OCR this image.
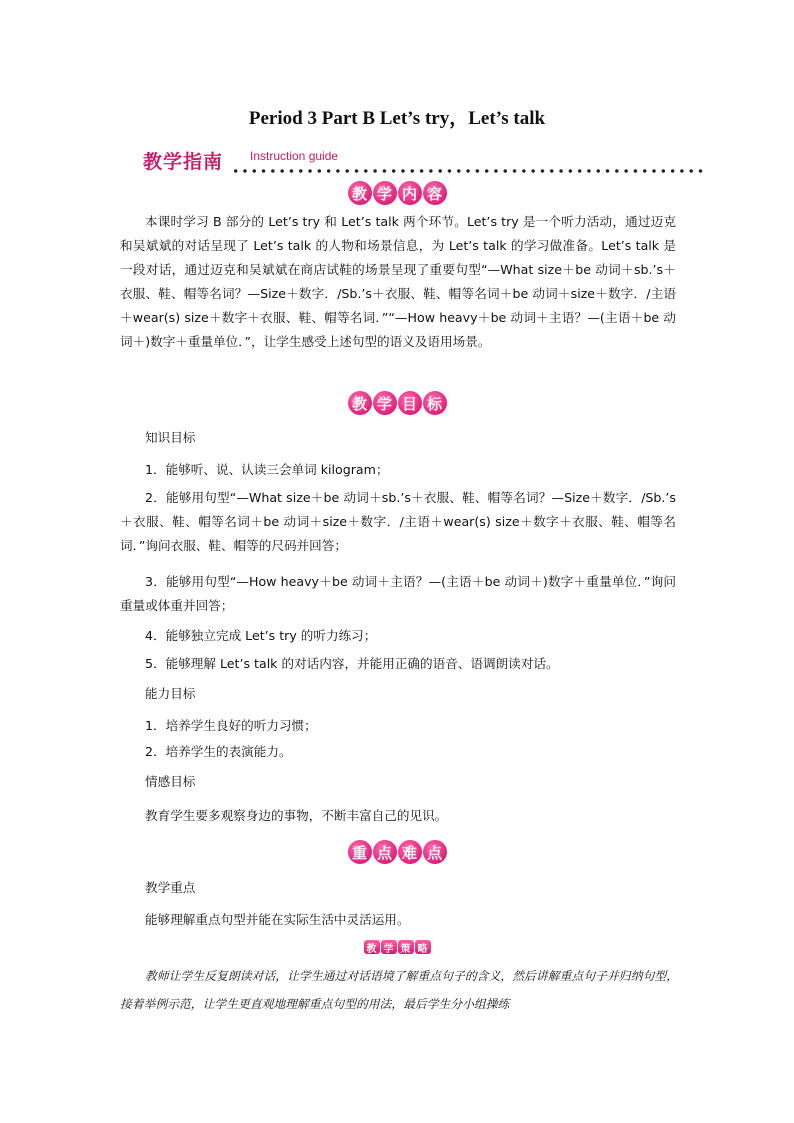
Period 3 Part B Let’s try，Let’s talk
教学指南 Instruction guide
教 学 内 容
本课时学习 B 部分的 Let’s try 和 Let’s talk 两个环节。Let’s try 是一个听力活动，通过迈克和吴斌斌的对话呈现了 Let’s talk 的人物和场景信息，为 Let’s talk 的学习做准备。Let’s talk 是一段对话，通过迈克和吴斌斌在商店试鞋的场景呈现了重要句型“—What size＋be 动词＋sb.’s＋衣服、鞋、帽等名词？—Size＋数字．/Sb.’s＋衣服、鞋、帽等名词＋be 动词＋size＋数字．/主语＋wear(s) size＋数字＋衣服、鞋、帽等名词．”“—How heavy＋be 动词＋主语？—(主语＋be 动词＋)数字＋重量单位．”，让学生感受上述句型的语义及语用场景。
教 学 目 标
知识目标
1．能够听、说、认读三会单词 kilogram；
2．能够用句型“—What size＋be 动词＋sb.’s＋衣服、鞋、帽等名词？—Size＋数字．/Sb.’s＋衣服、鞋、帽等名词＋be 动词＋size＋数字．/主语＋wear(s) size＋数字＋衣服、鞋、帽等名词．”询问衣服、鞋、帽等的尺码并回答；
3．能够用句型“—How heavy＋be 动词＋主语？—(主语＋be 动词＋)数字＋重量单位．”询问重量或体重并回答；
4．能够独立完成 Let’s try 的听力练习；
5．能够理解 Let’s talk 的对话内容，并能用正确的语音、语调朗读对话。
能力目标
1．培养学生良好的听力习惯；
2．培养学生的表演能力。
情感目标
教育学生要多观察身边的事物，不断丰富自己的见识。
重 点 难 点
教学重点
能够理解重点句型并能在实际生活中灵活运用。
教 学 策 略
教师让学生反复朗读对话，让学生通过对话语境了解重点句子的含义，然后讲解重点句子并归纳句型，接着举例示范，让学生更直观地理解重点句型的用法，最后学生分小组操练
